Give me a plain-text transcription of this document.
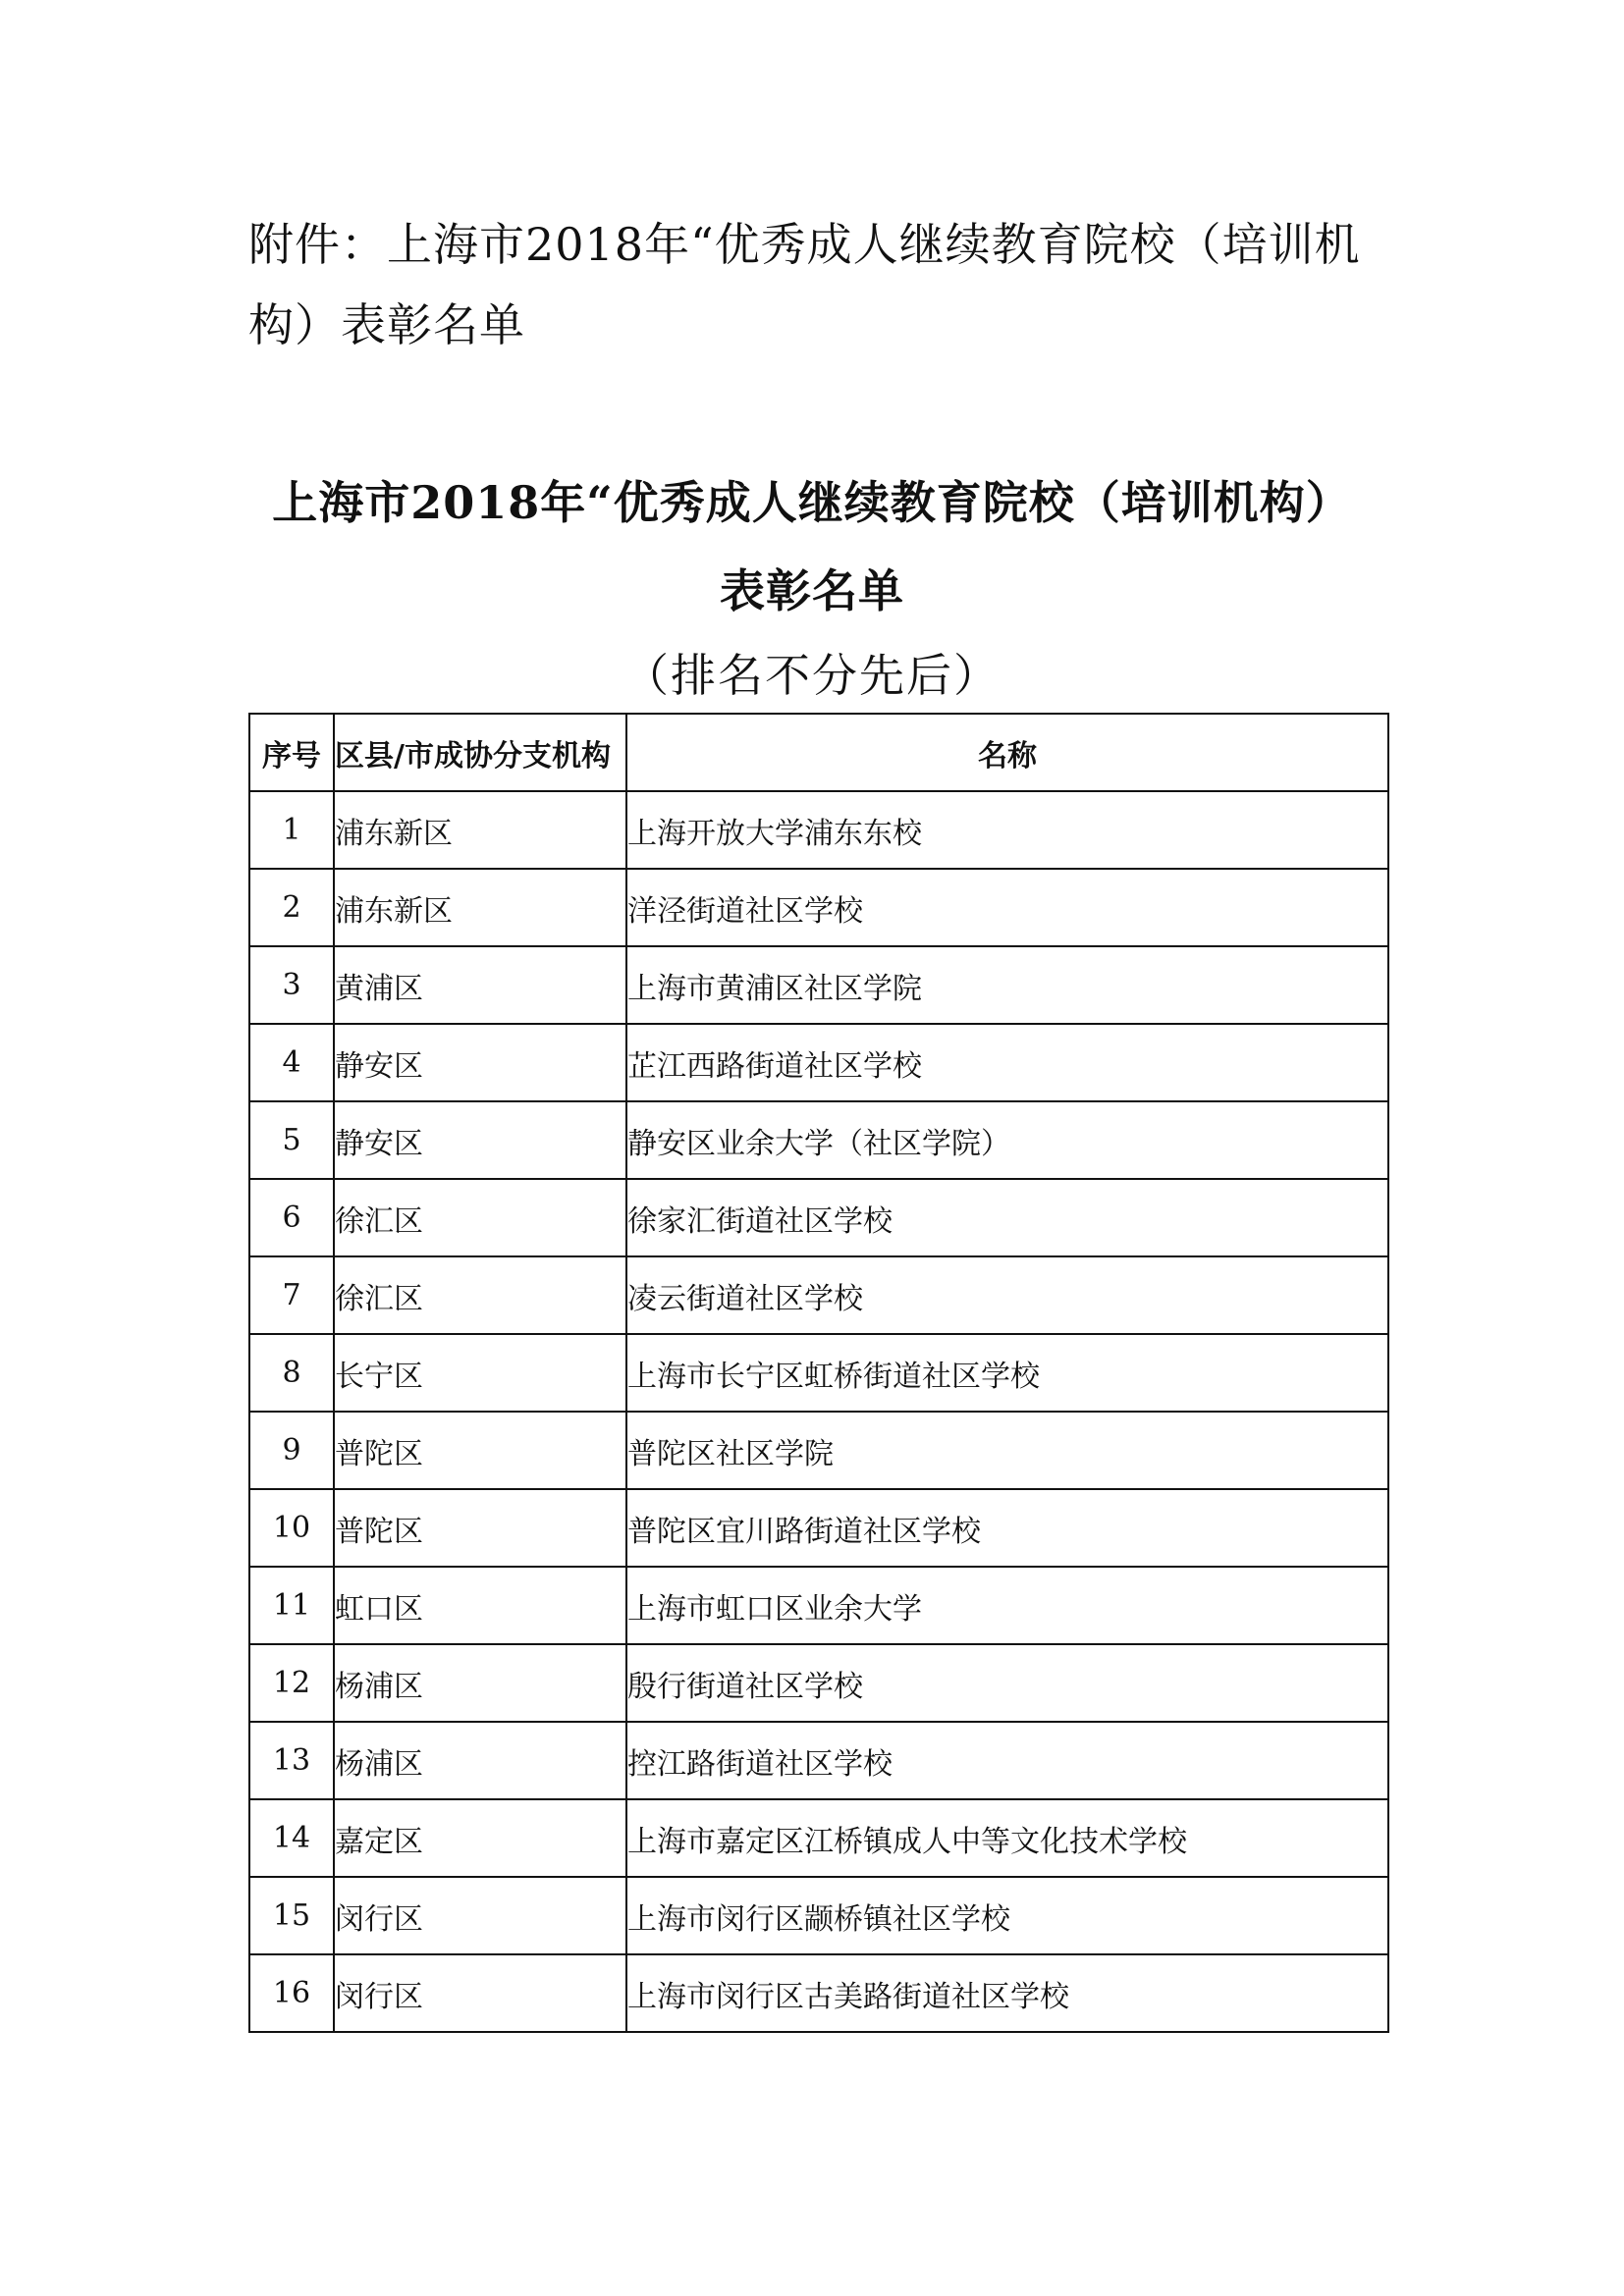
附件：上海市2018年“优秀成人继续教育院校（培训机构）表彰名单
上海市2018年“优秀成人继续教育院校（培训机构）
表彰名单
（排名不分先后）
序号	区县/市成协分支机构	名称
1	浦东新区	上海开放大学浦东东校
2	浦东新区	洋泾街道社区学校
3	黄浦区	上海市黄浦区社区学院
4	静安区	芷江西路街道社区学校
5	静安区	静安区业余大学（社区学院）
6	徐汇区	徐家汇街道社区学校
7	徐汇区	凌云街道社区学校
8	长宁区	上海市长宁区虹桥街道社区学校
9	普陀区	普陀区社区学院
10	普陀区	普陀区宜川路街道社区学校
11	虹口区	上海市虹口区业余大学
12	杨浦区	殷行街道社区学校
13	杨浦区	控江路街道社区学校
14	嘉定区	上海市嘉定区江桥镇成人中等文化技术学校
15	闵行区	上海市闵行区颛桥镇社区学校
16	闵行区	上海市闵行区古美路街道社区学校
